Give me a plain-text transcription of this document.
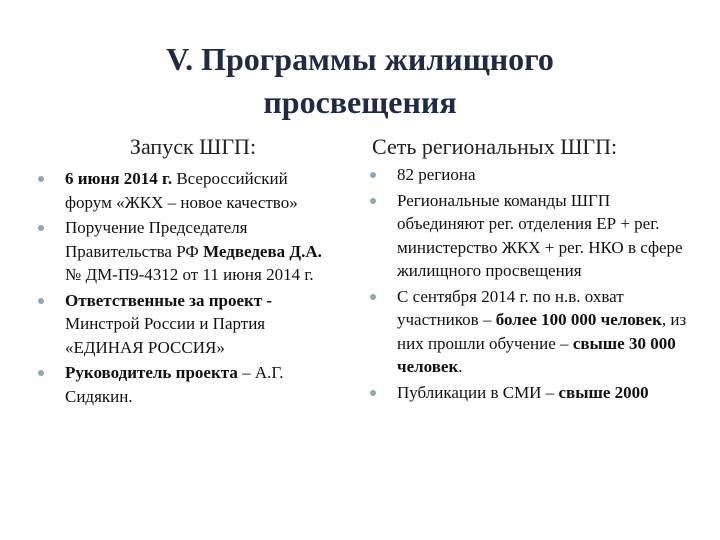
V. Программы жилищного
просвещения
Запуск ШГП:	Сеть региональных ШГП:
6 июня 2014 г. Всероссийский форум «ЖКХ – новое качество»
Поручение Председателя Правительства РФ Медведева Д.А. № ДМ-П9-4312 от 11 июня 2014 г.
Ответственные за проект - Минстрой России и Партия «ЕДИНАЯ РОССИЯ»
Руководитель проекта – А.Г. Сидякин.
82 региона
Региональные команды ШГП объединяют рег. отделения ЕР + рег. министерство ЖКХ + рег. НКО в сфере жилищного просвещения
С сентября 2014 г. по н.в. охват участников – более 100 000 человек, из них прошли обучение – свыше 30 000 человек.
Публикации в СМИ – свыше 2000
